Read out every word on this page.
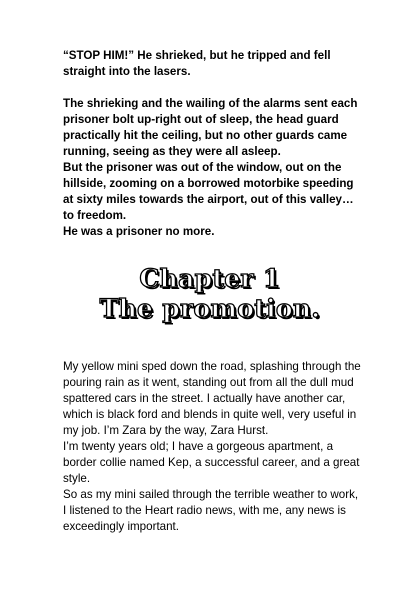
“STOP HIM!” He shrieked, but he tripped and fell straight into the lasers.

The shrieking and the wailing of the alarms sent each prisoner bolt up-right out of sleep, the head guard practically hit the ceiling, but no other guards came running, seeing as they were all asleep.

But the prisoner was out of the window, out on the hillside, zooming on a borrowed motorbike speeding at sixty miles towards the airport, out of this valley… to freedom.

He was a prisoner no more.

Chapter 1
The promotion.

My yellow mini sped down the road, splashing through the pouring rain as it went, standing out from all the dull mud spattered cars in the street. I actually have another car, which is black ford and blends in quite well, very useful in my job. I’m Zara by the way, Zara Hurst.

I’m twenty years old; I have a gorgeous apartment, a border collie named Kep, a successful career, and a great style.

So as my mini sailed through the terrible weather to work, I listened to the Heart radio news, with me, any news is exceedingly important.
